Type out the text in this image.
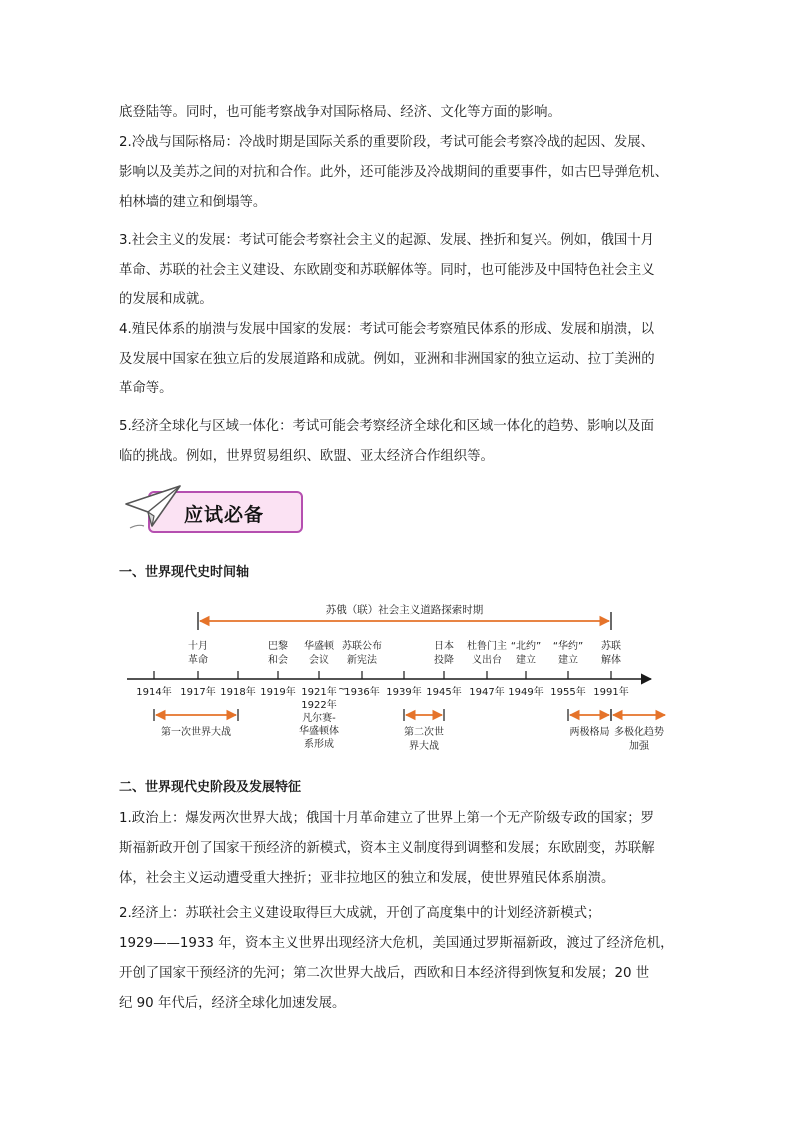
底登陆等。同时，也可能考察战争对国际格局、经济、文化等方面的影响。

2.冷战与国际格局：冷战时期是国际关系的重要阶段，考试可能会考察冷战的起因、发展、

影响以及美苏之间的对抗和合作。此外，还可能涉及冷战期间的重要事件，如古巴导弹危机、

柏林墙的建立和倒塌等。

3.社会主义的发展：考试可能会考察社会主义的起源、发展、挫折和复兴。例如，俄国十月

革命、苏联的社会主义建设、东欧剧变和苏联解体等。同时，也可能涉及中国特色社会主义

的发展和成就。

4.殖民体系的崩溃与发展中国家的发展：考试可能会考察殖民体系的形成、发展和崩溃，以

及发展中国家在独立后的发展道路和成就。例如，亚洲和非洲国家的独立运动、拉丁美洲的

革命等。

5.经济全球化与区域一体化：考试可能会考察经济全球化和区域一体化的趋势、影响以及面

临的挑战。例如，世界贸易组织、欧盟、亚太经济合作组织等。

应试必备

一、世界现代史时间轴

苏俄（联）社会主义道路探索时期
1914年 1917年 1918年 1919年 1921年 1936年 1939年 1945年 1947年 1949年 1955年 1991年
十月
革命
巴黎
和会
华盛顿
会议
苏联公布
新宪法
日本
投降
杜鲁门主
义出台
“北约”
建立
“华约”
建立
苏联
解体
~
1922年
凡尔赛-
华盛顿体
系形成
第一次世界大战	第二次世
界大战
两极格局 多极化趋势
加强

二、世界现代史阶段及发展特征

1.政治上：爆发两次世界大战；俄国十月革命建立了世界上第一个无产阶级专政的国家；罗

斯福新政开创了国家干预经济的新模式，资本主义制度得到调整和发展；东欧剧变，苏联解

体，社会主义运动遭受重大挫折；亚非拉地区的独立和发展，使世界殖民体系崩溃。

2.经济上：苏联社会主义建设取得巨大成就，开创了高度集中的计划经济新模式；

1929——1933 年，资本主义世界出现经济大危机，美国通过罗斯福新政，渡过了经济危机，

开创了国家干预经济的先河；第二次世界大战后，西欧和日本经济得到恢复和发展；20 世

纪 90 年代后，经济全球化加速发展。
